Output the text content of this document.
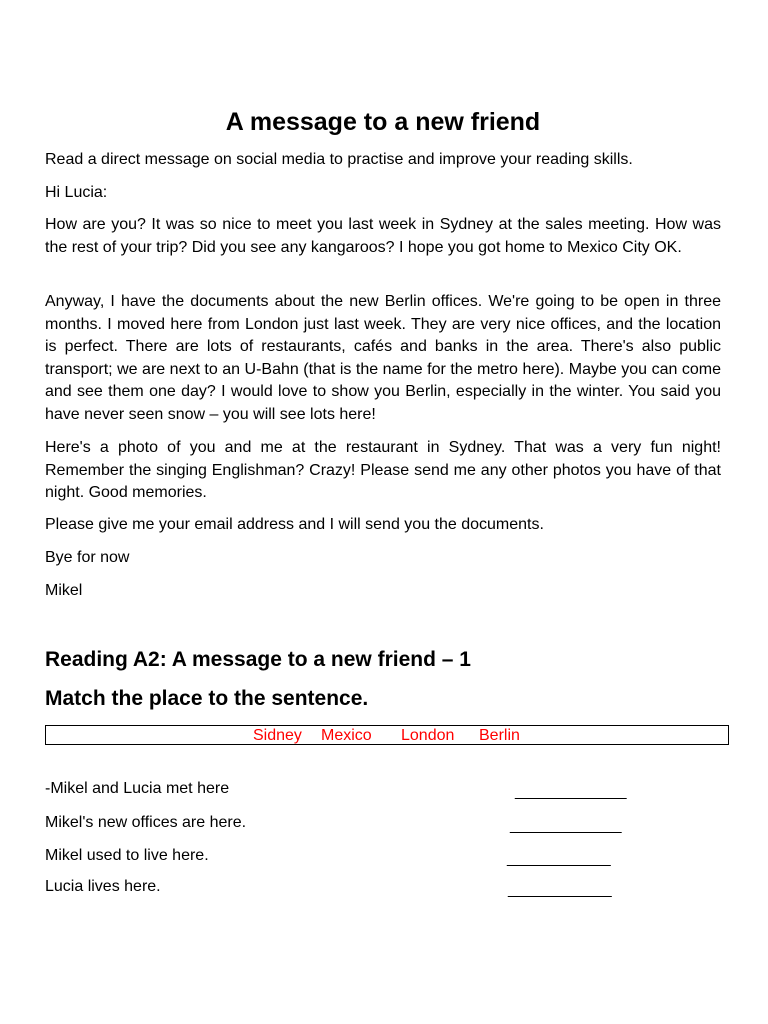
A message to a new friend

Read a direct message on social media to practise and improve your reading skills.

Hi Lucia:

How are you? It was so nice to meet you last week in Sydney at the sales meeting. How was the rest of your trip? Did you see any kangaroos? I hope you got home to Mexico City OK.

Anyway, I have the documents about the new Berlin offices. We're going to be open in three months. I moved here from London just last week. They are very nice offices, and the location is perfect. There are lots of restaurants, cafés and banks in the area. There's also public transport; we are next to an U-Bahn (that is the name for the metro here). Maybe you can come and see them one day? I would love to show you Berlin, especially in the winter. You said you have never seen snow – you will see lots here!

Here's a photo of you and me at the restaurant in Sydney. That was a very fun night! Remember the singing Englishman? Crazy! Please send me any other photos you have of that night. Good memories.

Please give me your email address and I will send you the documents.

Bye for now

Mikel

Reading A2: A message to a new friend – 1
Match the place to the sentence.
Sidney Mexico London Berlin
-Mikel and Lucia met here	______________
Mikel's new offices are here.	______________
Mikel used to live here.	_____________
Lucia lives here.	_____________
